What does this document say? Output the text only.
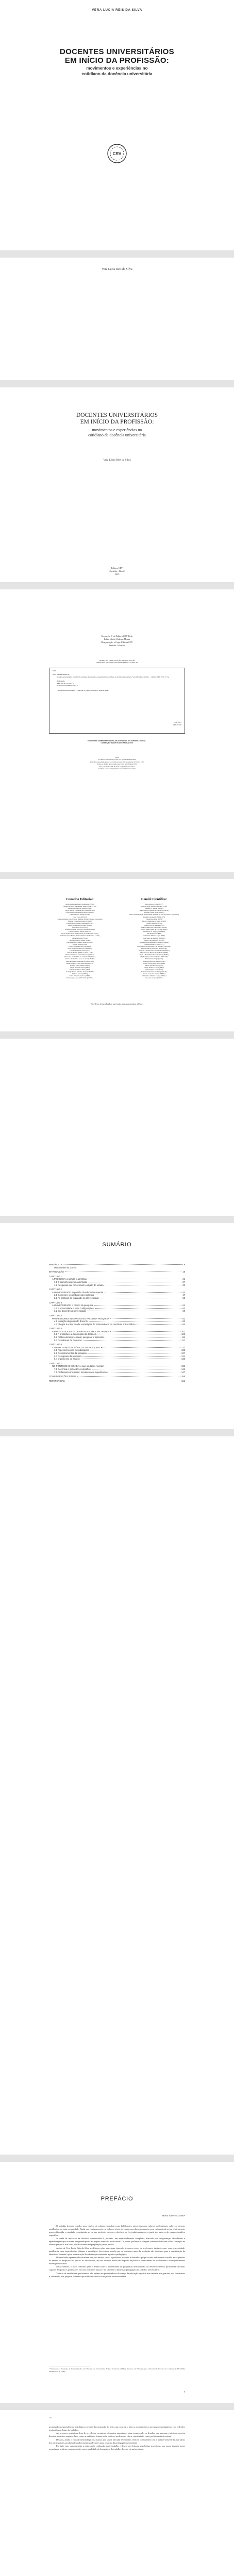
VERA LÚCIA REIS DA SILVA
DOCENTES UNIVERSITÁRIOS
EM INÍCIO DA PROFISSÃO:
movimentos e experiências no
cotidiano da docência universitária
CRV
Vera Lúcia Reis da Silva
DOCENTES UNIVERSITÁRIOS
EM INÍCIO DA PROFISSÃO:
movimentos e experiências no
cotidiano da docência universitária
Vera Lúcia Reis da Silva
Editora CRV
Curitiba – Brasil
2019
Copyright © da Editora CRV Ltda.
Editor-chefe: Railson Moura
Diagramação e Capa: Editora CRV
Revisão: A Autora
CIP-BRASIL. CATALOGAÇÃO-NA-PUBLICAÇÃO
SINDICATO NACIONAL DOS EDITORES DE LIVROS, RJ
S586
Silva, Vera Lúcia Reis da.
Docentes universitários em início da profissão: movimentos e experiências no cotidiano da docência universitária / Vera Lúcia Reis da Silva. – Curitiba: CRV, 2019. 172 p.
Bibliografia
ISBN 978-85-444-3211-6
DOI 10.24824/978854443211.6
1. Professores universitários – Formação 2. Prática de ensino I. Título II. Série.
CDD 378.1
CDU 37.048
ESTA OBRA TAMBÉM ENCONTRA-SE DISPONÍVEL EM FORMATO DIGITAL.
CONHEÇA E BAIXE NOSSO APLICATIVO!
2019
Foi feito o depósito legal conf. Lei 10.994 de 14/12/2004
Proibida a reprodução parcial ou total desta obra sem autorização da Editora CRV
Todos os direitos desta edição reservados pela: Editora CRV
Tel.: (41) 3039-6418 - E-mail: sac@editoracrv.com.br
Conheça os nossos lançamentos: www.editoracrv.com.br
Conselho Editorial:
Aldira Guimarães Duarte Domínguez (UNB)
Andréia da Silva Quintanilha Sousa (UNIR/UFRN)
Antônio Pereira Gaio Júnior (UFRRJ)
Carlos Alberto Vilar Estêvão (UMINHO – PT)
Carlos Federico Dominguez Avila (Unieuro)
Carmen Tereza Velanga (UNIR)
Celso Conti (UFSCar)
Cesar Gerónimo Tello (Univer. Nacional Três de Febrero – Argentina)
Eduardo Fernandes Barbosa (UFMG)
Elione Maria Nogueira Diogenes (UFAL)
Elizeu Clementino de Souza (UNEB)
Élsio José Corá (UFFS)
Fernando Antônio Gonçalves Alcoforado (IPB)
Francisco Carlos Duarte (PUC-PR)
Gloria Fariñas León (Universidade de La Havana – Cuba)
Guillermo Arias Beatón (Universidade de La Havana – Cuba)
Helmuth Krüger (UCP)
Jailson Alves dos Santos (UFRJ)
João Adalberto Campato Junior (UNESP)
Josania Portela (UFPI)
Leonel Severo Rocha (UNISINOS)
Lídia de Oliveira Xavier (UNIEURO)
Lourdes Helena da Silva (UFV)
Marcelo Paixão (UFRJ e UTexas – US)
Maria Cristina dos Santos Bezerra (UFSCar)
Maria de Lourdes Pinto de Almeida (UNOESC)
Maria Lília Imbiriba Sousa Colares (UFOPA)
Paulo Romualdo Hernandes (UNIFAL-MG)
Renato Francisco dos Santos Paula (UFG)
Rodrigo Pratte-Santos (UFES)
Sérgio Nunes de Jesus (IFRO)
Simone Rodrigues Pinto (UNB)
Solange Helena Ximenes-Rocha (UFOPA)
Sydione Santos (UEPG)
Tadeu Oliver Gonçalves (UFPA)
Tania Suely Azevedo Brasileiro (UFOPA)
Comitê Científico:
Altair Alberto Fávero (UPF)
Ana Chrystina Venancio Mignot (UERJ)
Andréia N. Militão (UEMS)
Anna Augusta Sampaio de Oliveira (UNESP)
Barbara Coelho Neves (UFBA)
Cesar Gerónimo Tello (Universidad Nacional de Três de Febrero – Argentina)
Diosnel Centurion (UNIDA – PY)
Eliane Rose Maio (UEM)
Elizeu Clementino de Souza (UNEB)
Fauston Negreiros (UFPI)
Francisco Ari de Andrade (UFC)
Gláucia Maria dos Santos Jorge (UFOP)
Helder Buenos Aires de Carvalho (UFPI)
Ilma Passos A. Veiga (UNICEUB)
Inês Bragança (UERJ)
Jader Janer Moreira Lopes (UFF)
Jane Soares de Almeida (ULBRA)
Jussara Fraga Portugal (UNEB)
Kilwangy Kya Kapitango-a-Samba (Unemat)
Lourdes Helena da Silva (UFV)
Lucia Marisy Souza Ribeiro de Oliveira (UNIVASF)
Marcos Vinicius Francisco (UNOESTE)
Maria de Lourdes Pinto de Almeida (UNOESC)
Maria Eurácia Barreto de Andrade (UFRB)
Maria Lília Imbiriba Sousa Colares (UFOPA)
Míghian Danae Ferreira Nunes (UNILAB)
Mohammed Elhajji (UFRJ)
Mônica Pereira dos Santos (UFRJ)
Najela Tavares Ujiie (UNESPAR)
Nilson José Machado (USP)
Sérgio Nunes de Jesus (IFRO)
Silvia Regina Canan (URI)
Sonia Maria Ferreira Koehler (UNISAL)
Suzana dos Santos Gomes (UFMG)
Vânia Alves Martins Chaigar (FURG)
Vera Lucia Gaspar (UDESC)
Este livro foi avaliado e aprovado por pareceristas ad hoc.
SUMÁRIO
PREFÁCIO	9
Maria Isabel da Cunha
INTRODUÇÃO	15
CAPÍTULO 1
A PESQUISA: a partida e as trilhas	21
1.1 O caminho que foi caminhado	27
1.2 Pesquisas que referenciam o objeto do estudo	32
CAPÍTULO 2
A UNIVERSIDADE: expansão da educação superior	43
2.1 Contexto e os embates da expansão	47
2.2 As políticas de expansão na Universidade	55
CAPÍTULO 3
A UNIVERSIDADE: o campo da pesquisa	61
3.1 A universidade e suas configurações	63
3.2 Ser docente na universidade	69
CAPÍTULO 4
PROFESSORES INICIANTES NO PALCO DA PESQUISA	81
4.1 Iniciação da profissão docente	83
4.2 Chegar à universidade: estratégias de sobrevivência na docência universitária	93
CAPÍTULO 5
A PRÁTICA DOCENTE DE PROFESSORES INICIANTES	101
5.1 A profissão e a construção da docência	103
5.2 Prática docente: ensinar, pesquisar e aprender	111
5.3 Os saberes da docência	117
CAPÍTULO 6
CAMINHOS METODOLÓGICOS DA PESQUISA	121
6.1 Aspectos teórico-metodológicos	123
6.2 Os instrumentos da pesquisa	127
6.3 Os sujeitos da pesquisa	131
6.4 O processo de análise	135
CAPÍTULO 7
NO PONTO DE CHEGADA: o que os dados revelam	139
7.1 Docência e iniciação: os desafios	141
7.2 Professores iniciantes: movimentos e experiências	147
CONSIDERAÇÕES FINAIS	155
REFERÊNCIAS	161
PREFÁCIO
Maria Isabel da Cunha¹

O trabalho docente envolve uma espécie de cultura entendida como habilidades, mitos, tesouros, saberes profissionais, valores e crenças partilhados por uma comunidade. Ainda que esteja presente em todos os níveis de ensino, na educação superior essa cultura ainda se faz relativamente pouco difundida e estudada, constituindo-se em um território em que a docência se fez tradicionalmente a partir dos saberes do campo científico específico.

A tarefa de iniciar-se na docência universitária é, portanto, um empreendimento complexo, marcado por inseguranças, descobertas e aprendizagens que ocorrem, em grande parte, no próprio exercício profissional. Os jovens professores chegam à universidade com sólida formação na área de pesquisa, mas com pouca ou nenhuma preparação para o ensino.

A obra de Vera Lúcia Reis da Silva se debruça sobre esse tema, trazendo à cena as vozes de professores iniciantes que, com generosidade, partilharam suas experiências, dilemas e estratégias. Seu estudo revela que os primeiros anos da profissão são decisivos para a constituição da identidade docente e para a construção de saberes que sustentam a prática pedagógica.

Os resultados apresentados mostram que, em muitos casos, o professor iniciante é deixado à própria sorte, enfrentando sozinho as exigências do ensino, da pesquisa e da gestão. As instituições, em sua maioria, ainda não dispõem de políticas consistentes de acolhimento e acompanhamento desses profissionais.

Nesse sentido, o livro contribui para o debate sobre a necessidade de programas institucionais de desenvolvimento profissional docente, capazes de apoiar os professores em seus primeiros passos e de valorizar a dimensão pedagógica do trabalho universitário.

Trata-se de uma leitura que interessa não apenas aos pesquisadores do campo da educação superior, mas também aos gestores, aos formadores e, sobretudo, aos próprios docentes que estão iniciando sua trajetória na universidade.

¹ Professora do Programa de Pós-Graduação em Educação da Universidade Federal de Pelotas (UFPel). Doutora em Educação pela Universidade Estadual de Campinas (UNICAMP). Pesquisadora do CNPq.
9
10

pesquisadora especialmente pela lógica coerente da construção do texto, que convida o leitor a acompanhar os percursos investigativos e as reflexões produzidas ao longo do trabalho.

Ao percorrer as páginas deste livro, o leitor encontrará elementos importantes para compreender os desafios que marcam o início da carreira docente no ensino superior, bem como as múltiplas formas pelas quais os professores vão se constituindo como profissionais do ensino.

Destaco, ainda, o cuidado metodológico da autora, que soube articular referenciais teóricos consistentes com a análise sensível das narrativas dos participantes, produzindo conhecimentos relevantes para o campo da pedagogia universitária.

Por tudo isso, cumprimento a autora pela realização deste trabalho e desejo aos leitores uma leitura proveitosa, que possa inspirar novas pesquisas e práticas comprometidas com a qualidade da formação e do trabalho docente na universidade.
